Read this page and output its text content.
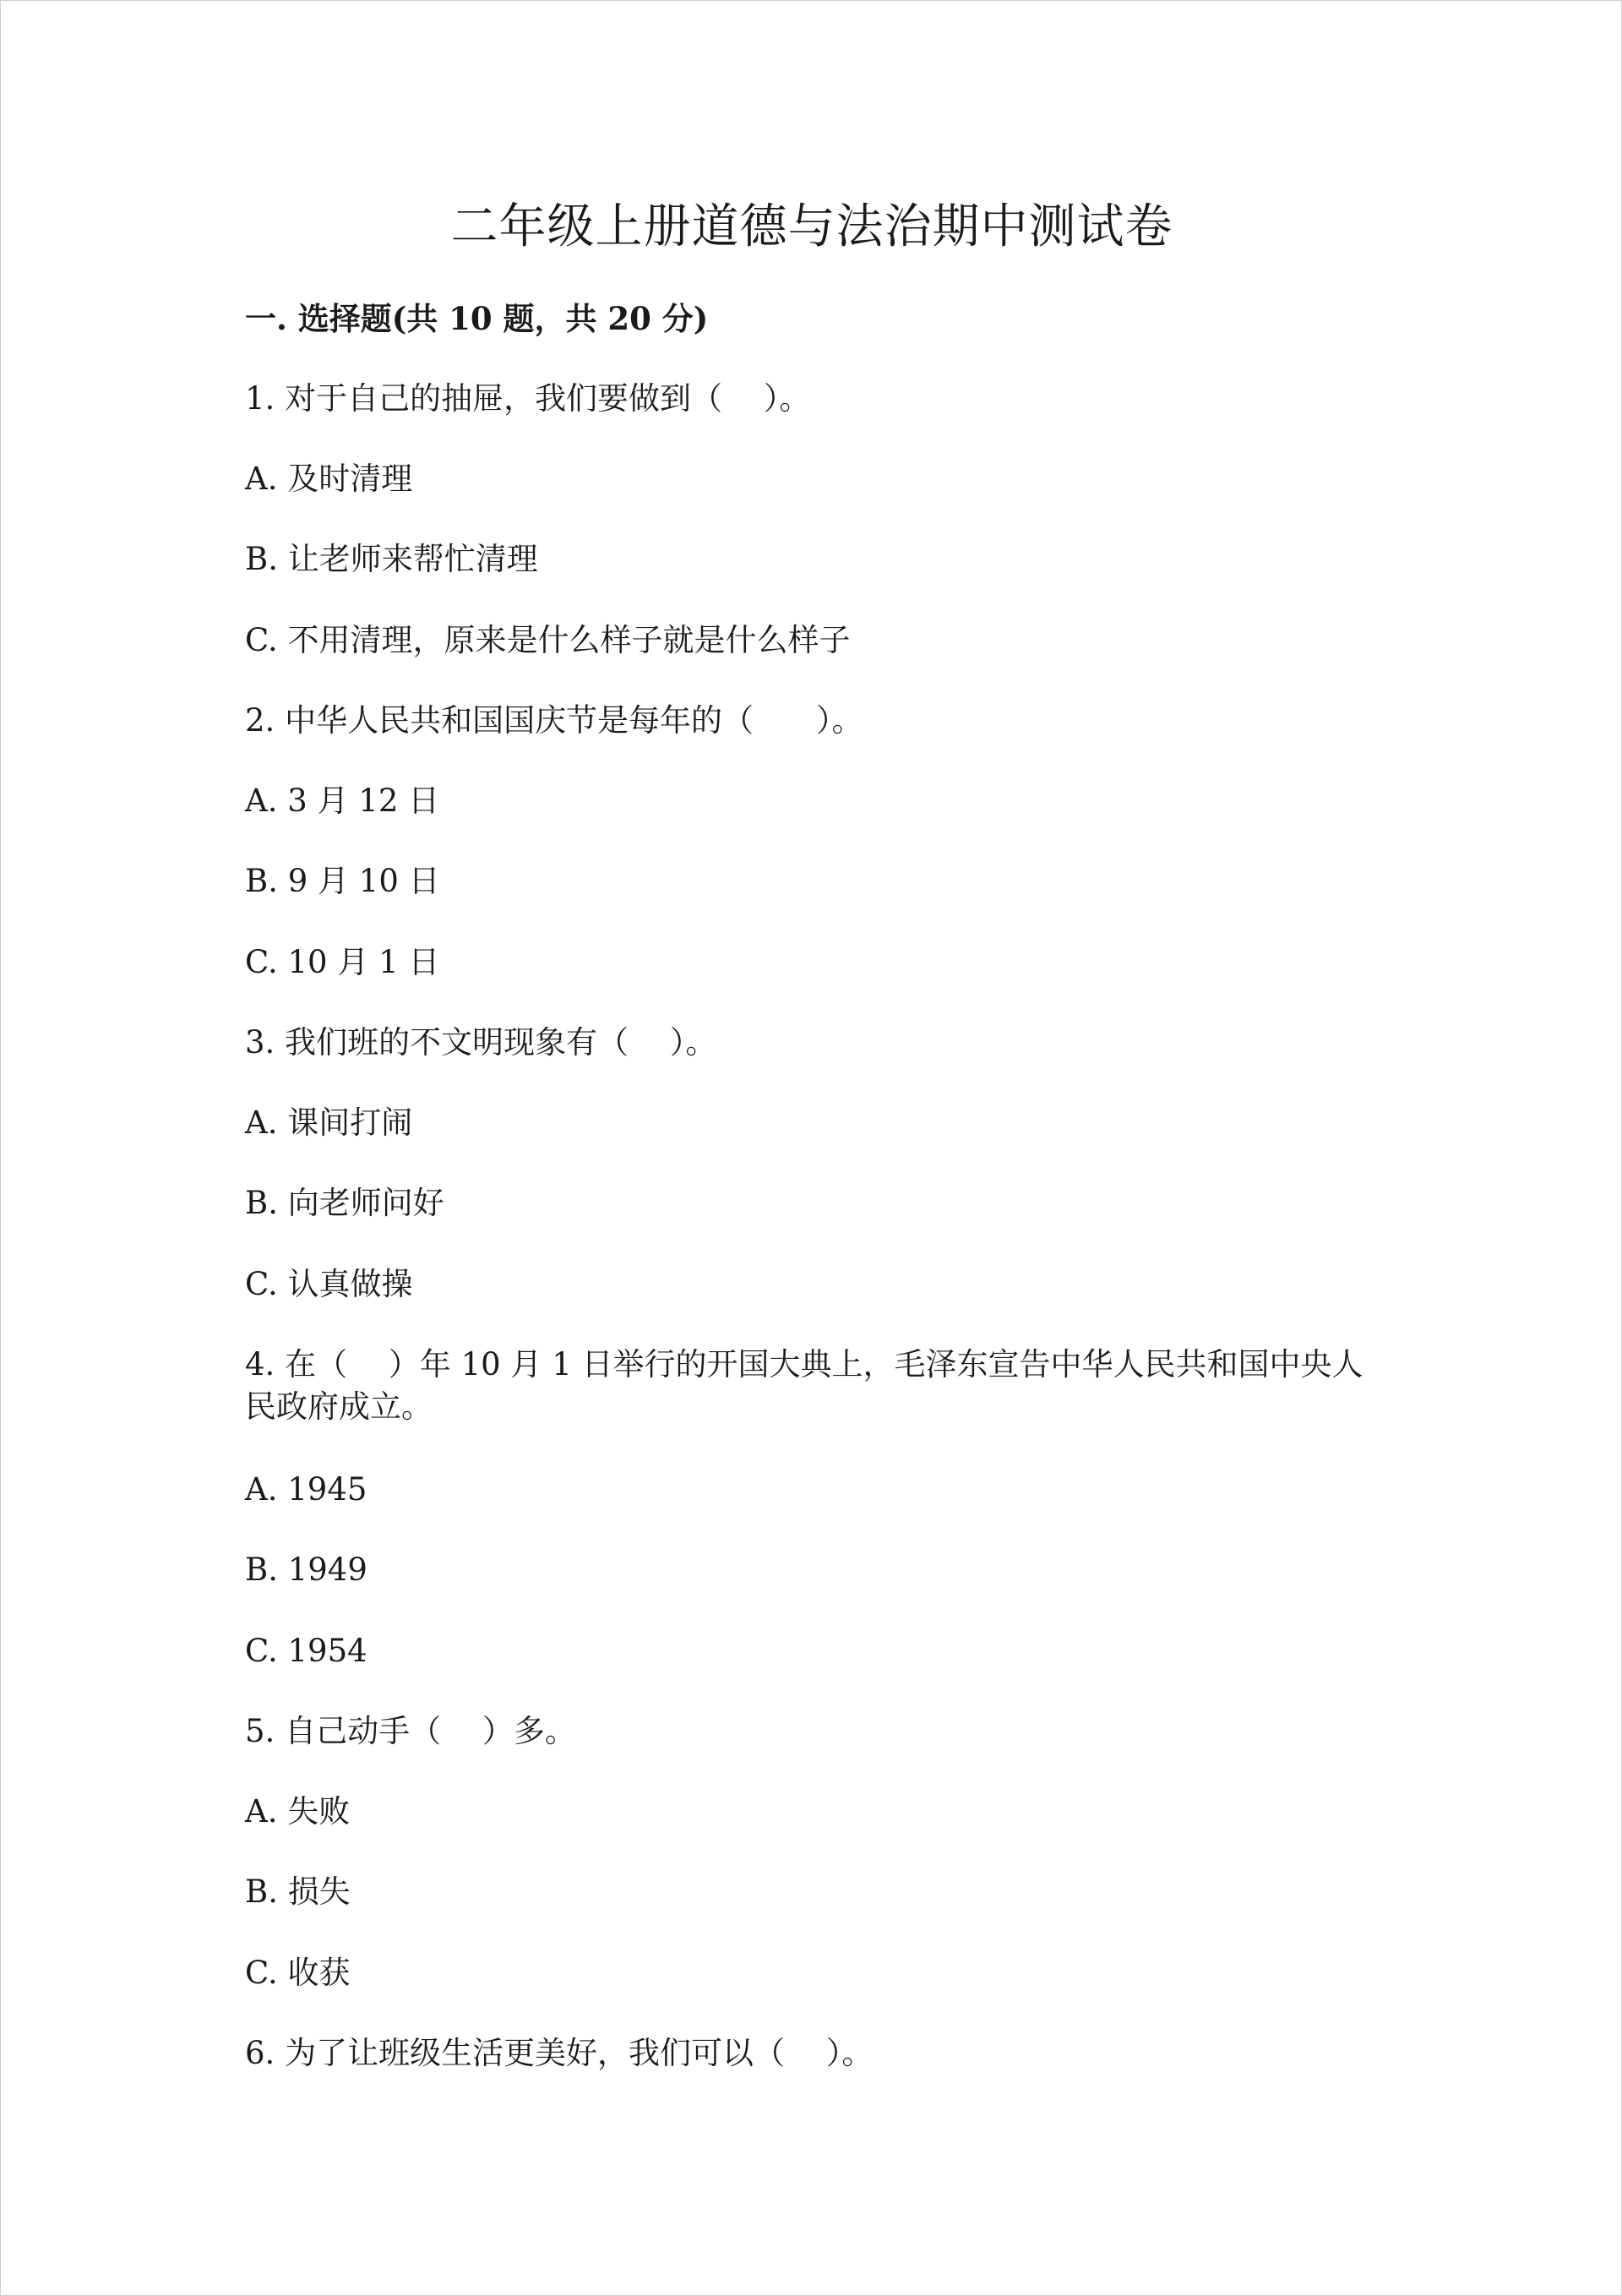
二年级上册道德与法治期中测试卷
一. 选择题(共 10 题，共 20 分)

1. 对于自己的抽屉，我们要做到（　 ）。

A. 及时清理

B. 让老师来帮忙清理

C. 不用清理，原来是什么样子就是什么样子

2. 中华人民共和国国庆节是每年的（　　）。

A. 3 月 12 日

B. 9 月 10 日

C. 10 月 1 日

3. 我们班的不文明现象有（　 ）。

A. 课间打闹

B. 向老师问好

C. 认真做操

4. 在（　 ）年 10 月 1 日举行的开国大典上，毛泽东宣告中华人民共和国中央人民政府成立。

A. 1945

B. 1949

C. 1954

5. 自己动手（　 ）多。

A. 失败

B. 损失

C. 收获

6. 为了让班级生活更美好，我们可以（　 ）。
